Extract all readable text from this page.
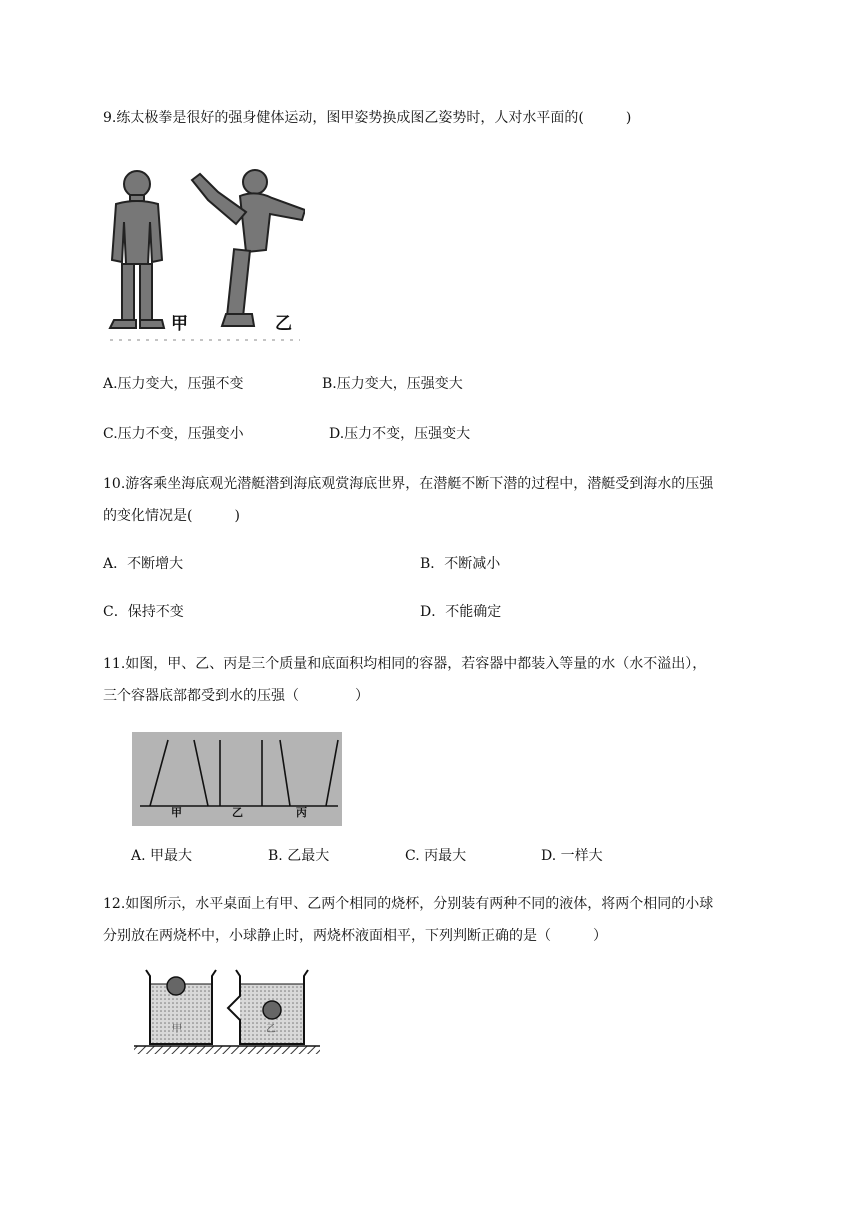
9.练太极拳是很好的强身健体运动，图甲姿势换成图乙姿势时，人对水平面的(　　　)
甲	乙
A.压力变大，压强不变	B.压力变大，压强变大
C.压力不变，压强变小	D.压力不变，压强变大
10.游客乘坐海底观光潜艇潜到海底观赏海底世界，在潜艇不断下潜的过程中，潜艇受到海水的压强
的变化情况是(　　　)
A．不断增大	B．不断减小
C．保持不变	D．不能确定
11.如图，甲、乙、丙是三个质量和底面积均相同的容器，若容器中都装入等量的水（水不溢出），
三个容器底部都受到水的压强（　　　　）
甲	乙	丙
A. 甲最大	B. 乙最大	C. 丙最大	D. 一样大
12.如图所示，水平桌面上有甲、乙两个相同的烧杯，分别装有两种不同的液体，将两个相同的小球
分别放在两烧杯中，小球静止时，两烧杯液面相平，下列判断正确的是（　　　）
甲	乙
